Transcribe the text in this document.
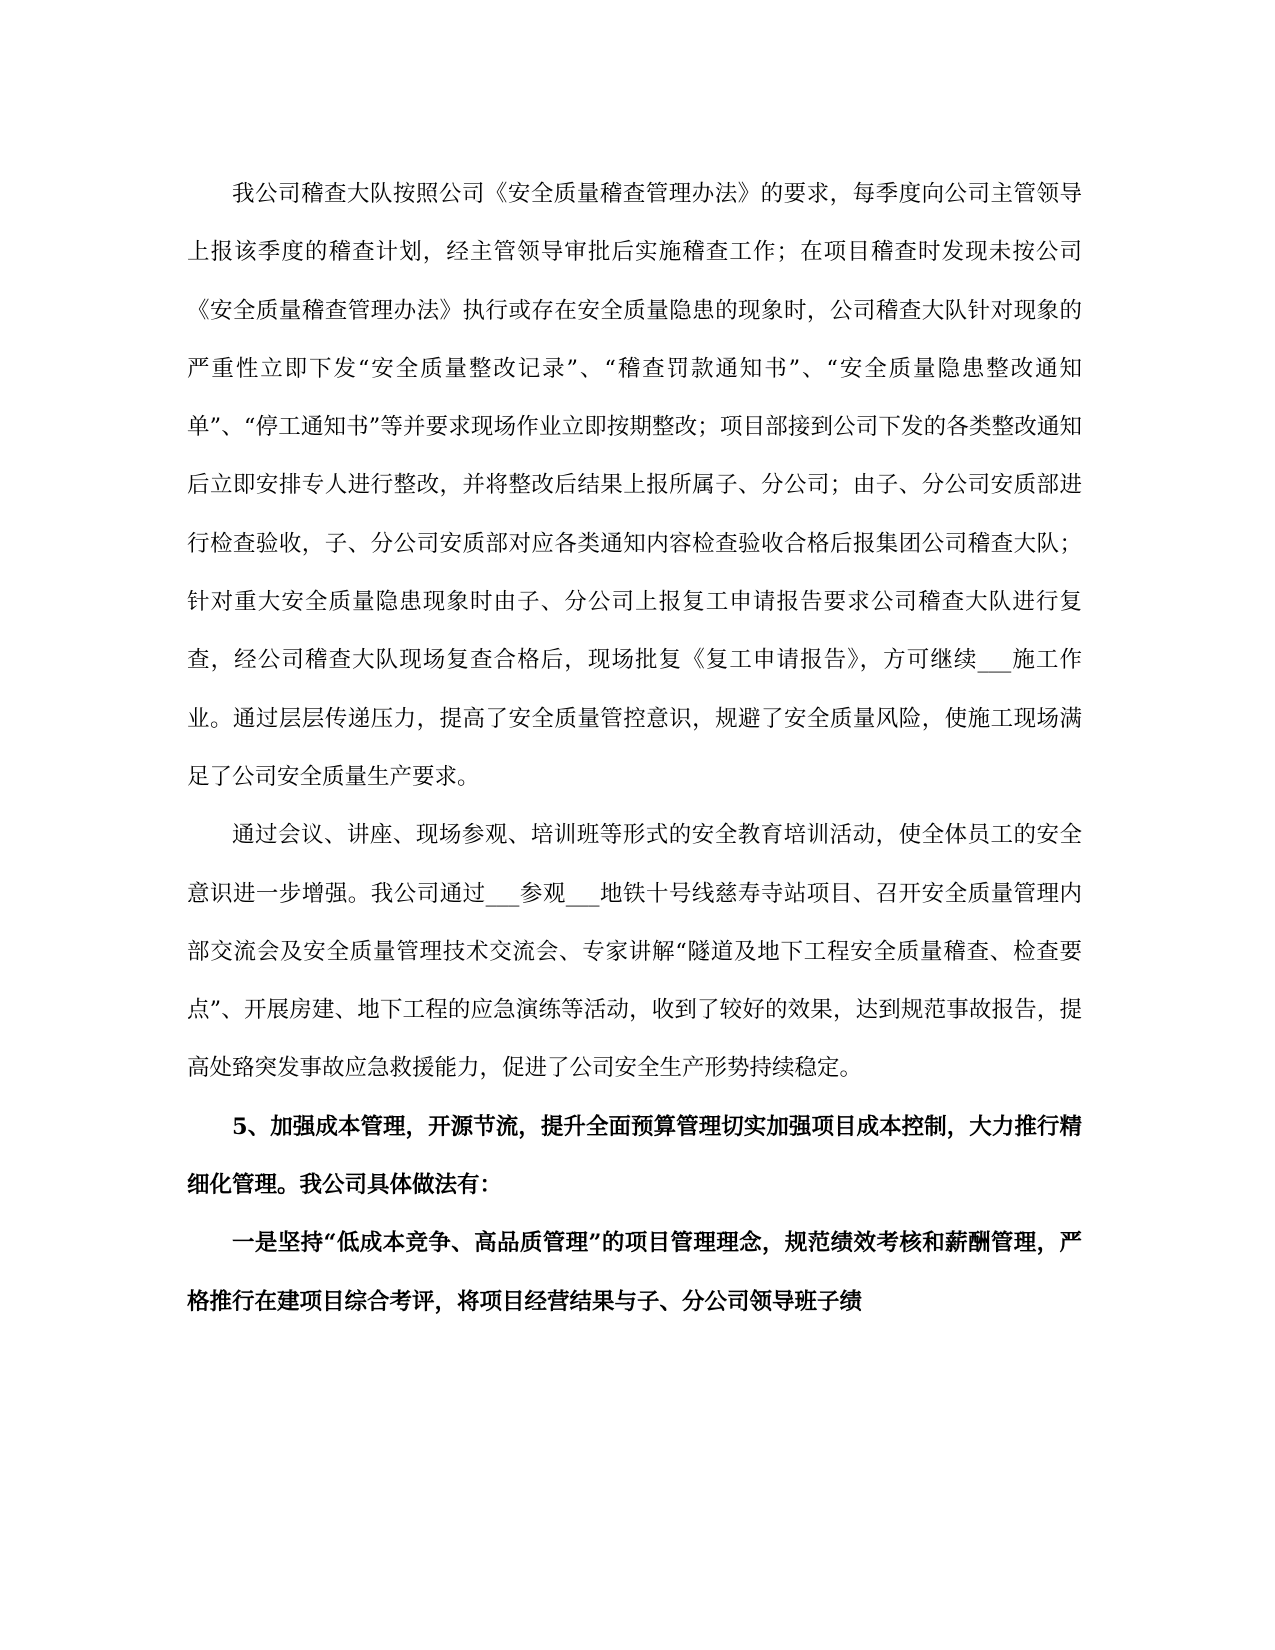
我公司稽查大队按照公司《安全质量稽查管理办法》的要求，每季度向公司主管领导上报该季度的稽查计划，经主管领导审批后实施稽查工作；在项目稽查时发现未按公司《安全质量稽查管理办法》执行或存在安全质量隐患的现象时，公司稽查大队针对现象的严重性立即下发“安全质量整改记录”、“稽查罚款通知书”、“安全质量隐患整改通知单”、“停工通知书”等并要求现场作业立即按期整改；项目部接到公司下发的各类整改通知后立即安排专人进行整改，并将整改后结果上报所属子、分公司；由子、分公司安质部进行检查验收，子、分公司安质部对应各类通知内容检查验收合格后报集团公司稽查大队；针对重大安全质量隐患现象时由子、分公司上报复工申请报告要求公司稽查大队进行复查，经公司稽查大队现场复查合格后，现场批复《复工申请报告》，方可继续___施工作业。通过层层传递压力，提高了安全质量管控意识，规避了安全质量风险，使施工现场满足了公司安全质量生产要求。

通过会议、讲座、现场参观、培训班等形式的安全教育培训活动，使全体员工的安全意识进一步增强。我公司通过___参观___地铁十号线慈寿寺站项目、召开安全质量管理内部交流会及安全质量管理技术交流会、专家讲解“隧道及地下工程安全质量稽查、检查要点”、开展房建、地下工程的应急演练等活动，收到了较好的效果，达到规范事故报告，提高处臵突发事故应急救援能力，促进了公司安全生产形势持续稳定。

5、加强成本管理，开源节流，提升全面预算管理切实加强项目成本控制，大力推行精细化管理。我公司具体做法有：

一是坚持“低成本竞争、高品质管理”的项目管理理念，规范绩效考核和薪酬管理，严格推行在建项目综合考评，将项目经营结果与子、分公司领导班子绩
